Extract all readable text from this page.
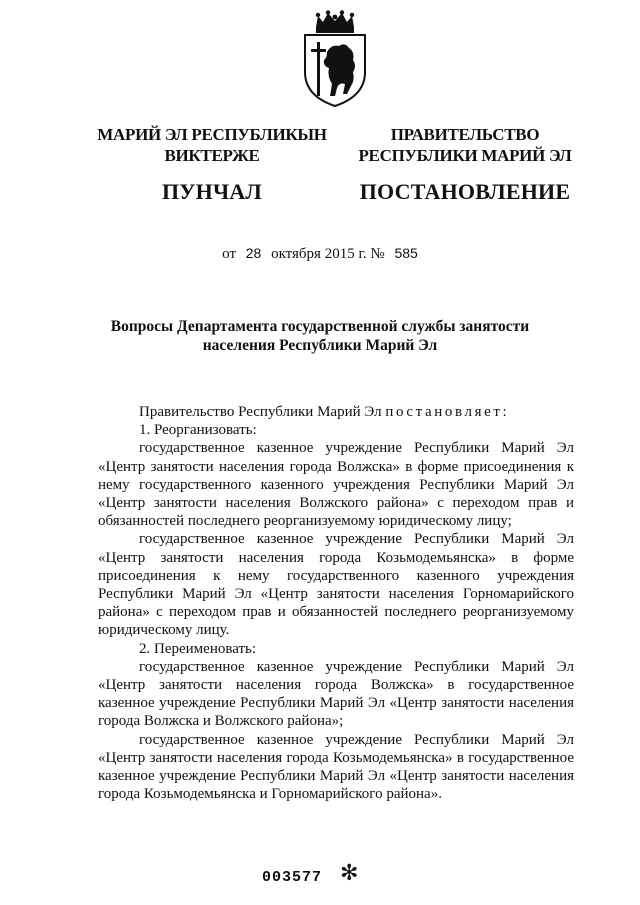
МАРИЙ ЭЛ РЕСПУБЛИКЫН
ВИКТЕРЖЕ
ПУНЧАЛ
ПРАВИТЕЛЬСТВО
РЕСПУБЛИКИ МАРИЙ ЭЛ
ПОСТАНОВЛЕНИЕ
от 28 октября 2015 г. № 585
Вопросы Департамента государственной службы занятости
населения Республики Марий Эл

Правительство Республики Марий Эл постановляет:

1. Реорганизовать:

государственное казенное учреждение Республики Марий Эл «Центр занятости населения города Волжска» в форме присоединения к нему государственного казенного учреждения Республики Марий Эл «Центр занятости населения Волжского района» с переходом прав и обязанностей последнего реорганизуемому юридическому лицу;

государственное казенное учреждение Республики Марий Эл «Центр занятости населения города Козьмодемьянска» в форме присоединения к нему государственного казенного учреждения Республики Марий Эл «Центр занятости населения Горномарийского района» с переходом прав и обязанностей последнего реорганизуемому юридическому лицу.

2. Переименовать:

государственное казенное учреждение Республики Марий Эл «Центр занятости населения города Волжска» в государственное казенное учреждение Республики Марий Эл «Центр занятости населения города Волжска и Волжского района»;

государственное казенное учреждение Республики Марий Эл «Центр занятости населения города Козьмодемьянска» в государственное казенное учреждение Республики Марий Эл «Центр занятости населения города Козьмодемьянска и Горномарийского района».

003577 ✻
